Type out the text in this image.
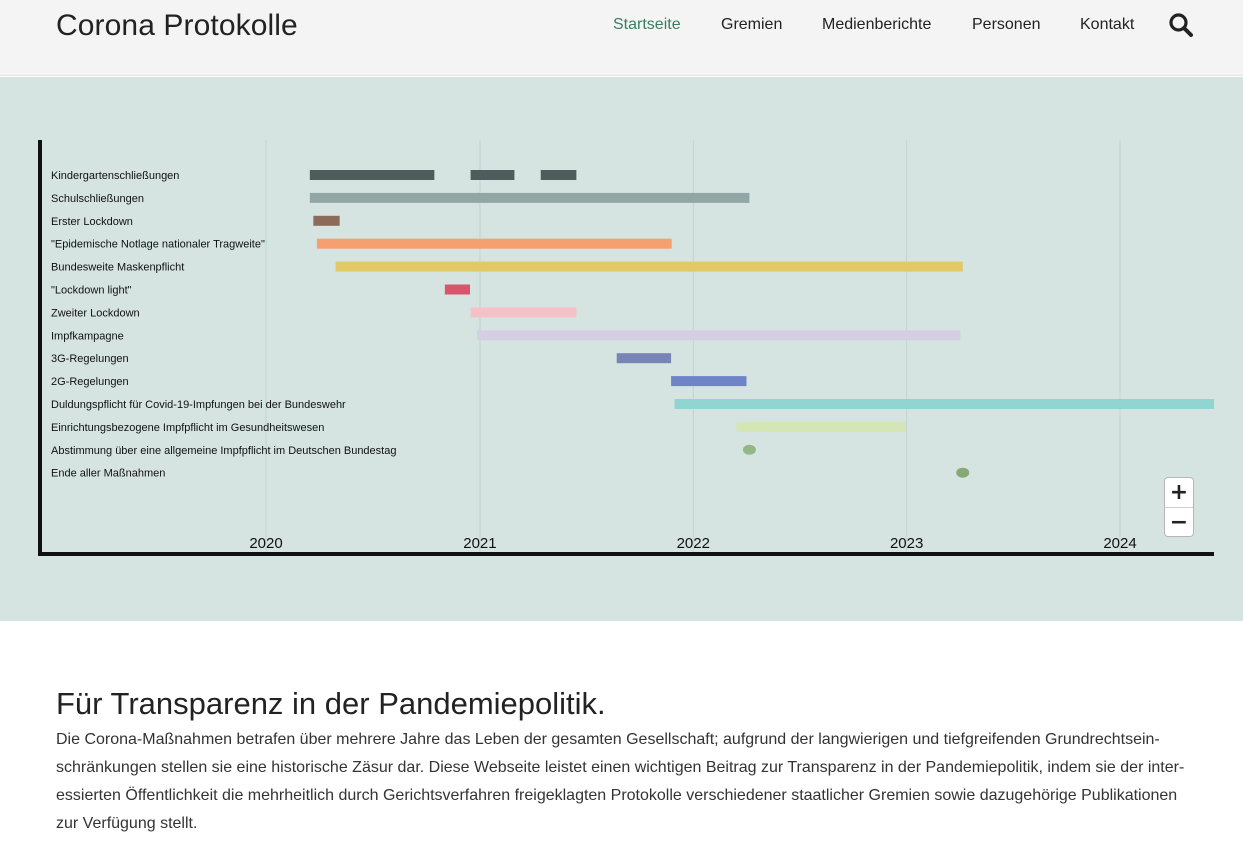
Corona Protokolle	Startseite	Gremien Medienberichte	Personen Kontakt
2020	2021	2022	2023	2024
Kindergartenschließungen
Schulschließungen
Erster Lockdown
"Epidemische Notlage nationaler Tragweite"
Bundesweite Maskenpflicht
"Lockdown light"
Zweiter Lockdown
Impfkampagne
3G-Regelungen
2G-Regelungen
Duldungspflicht für Covid-19-Impfungen bei der Bundeswehr
Einrichtungsbezogene Impfpflicht im Gesundheitswesen
Abstimmung über eine allgemeine Impfpflicht im Deutschen Bundestag
Ende aller Maßnahmen
+
−
Für Transparenz in der Pandemiepolitik.

Die Corona-Maßnahmen betrafen über mehrere Jahre das Leben der gesamten Gesellschaft; aufgrund der langwierigen und tiefgreifenden Grundrechtsein-
schränkungen stellen sie eine historische Zäsur dar. Diese Webseite leistet einen wichtigen Beitrag zur Transparenz in der Pandemiepolitik, indem sie der inter-
essierten Öffentlichkeit die mehrheitlich durch Gerichtsverfahren freigeklagten Protokolle verschiedener staatlicher Gremien sowie dazugehörige Publikationen
zur Verfügung stellt.
